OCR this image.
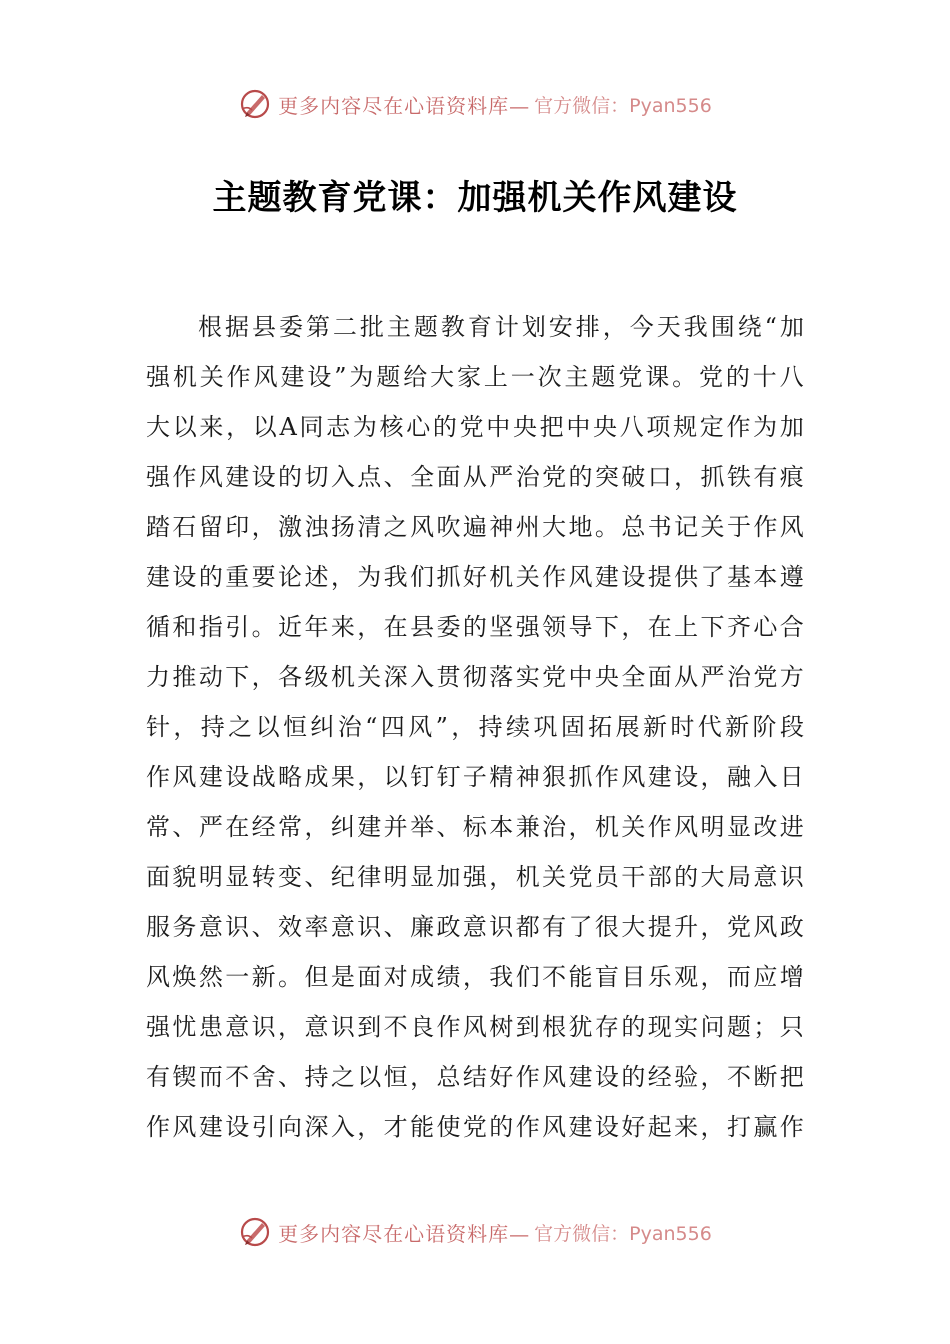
更多内容尽在心语资料库— 官方微信：Pyan556
主题教育党课：加强机关作风建设
根 据 县 委 第 二 批 主 题 教 育 计 划 安 排 ， 今 天 我 围 绕 “ 加
强 机 关 作 风 建 设 ” 为 题 给 大 家 上 一 次 主 题 党 课 。 党 的 十 八
大 以 来 ， 以 A 同 志 为 核 心 的 党 中 央 把 中 央 八 项 规 定 作 为 加
强 作 风 建 设 的 切 入 点 、 全 面 从 严 治 党 的 突 破 口 ， 抓 铁 有 痕
踏 石 留 印 ， 激 浊 扬 清 之 风 吹 遍 神 州 大 地 。 总 书 记 关 于 作 风
建 设 的 重 要 论 述 ， 为 我 们 抓 好 机 关 作 风 建 设 提 供 了 基 本 遵
循 和 指 引 。 近 年 来 ， 在 县 委 的 坚 强 领 导 下 ， 在 上 下 齐 心 合
力 推 动 下 ， 各 级 机 关 深 入 贯 彻 落 实 党 中 央 全 面 从 严 治 党 方
针 ， 持 之 以 恒 纠 治 “ 四 风 ” ， 持 续 巩 固 拓 展 新 时 代 新 阶 段
作 风 建 设 战 略 成 果 ， 以 钉 钉 子 精 神 狠 抓 作 风 建 设 ， 融 入 日
常 、 严 在 经 常 ， 纠 建 并 举 、 标 本 兼 治 ， 机 关 作 风 明 显 改 进
面 貌 明 显 转 变 、 纪 律 明 显 加 强 ， 机 关 党 员 干 部 的 大 局 意 识
服 务 意 识 、 效 率 意 识 、 廉 政 意 识 都 有 了 很 大 提 升 ， 党 风 政
风 焕 然 一 新 。 但 是 面 对 成 绩 ， 我 们 不 能 盲 目 乐 观 ， 而 应 增
强 忧 患 意 识 ， 意 识 到 不 良 作 风 树 到 根 犹 存 的 现 实 问 题 ； 只
有 锲 而 不 舍 、 持 之 以 恒 ， 总 结 好 作 风 建 设 的 经 验 ， 不 断 把
作 风 建 设 引 向 深 入 ， 才 能 使 党 的 作 风 建 设 好 起 来 ， 打 赢 作
更多内容尽在心语资料库— 官方微信：Pyan556
